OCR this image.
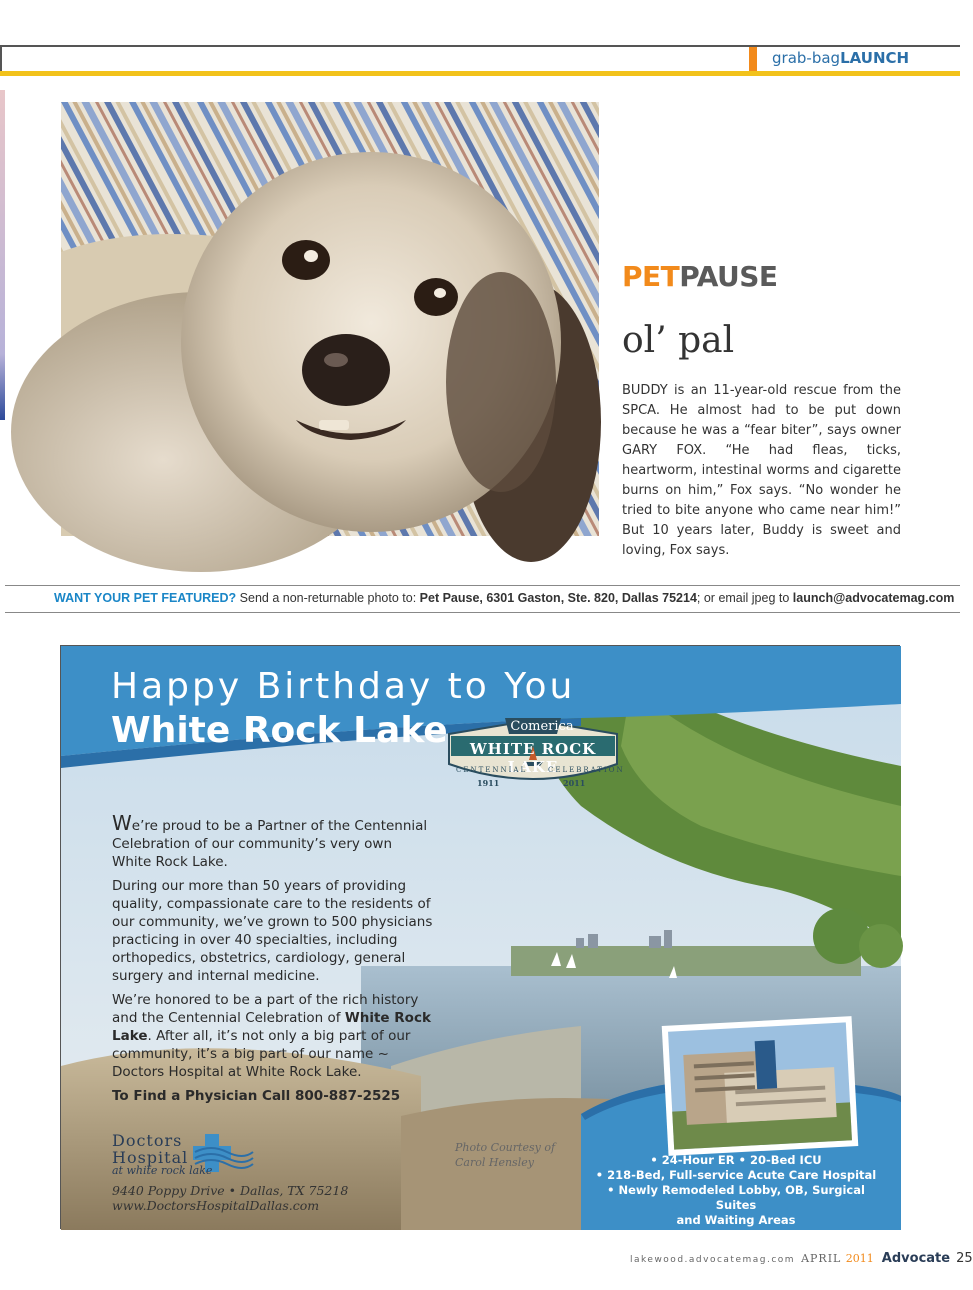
grab-bagLAUNCH
PETPAUSE
ol’ pal
BUDDY is an 11-year-old rescue from the SPCA. He almost had to be put down because he was a “fear biter”, says owner GARY FOX. “He had fleas, ticks, heartworm, intestinal worms and cigarette burns on him,” Fox says. “No wonder he tried to bite anyone who came near him!” But 10 years later, Buddy is sweet and loving, Fox says.
WANT YOUR PET FEATURED? Send a non-returnable photo to: Pet Pause, 6301 Gaston, Ste. 820, Dallas 75214; or email jpeg to launch@advocatemag.com
Happy Birthday to You
White Rock Lake	Comerica
WHITE ROCK LAKE
CENTENNIAL	CELEBRATION
1911	2011

We’re proud to be a Partner of the Centennial Celebration of our community’s very own White Rock Lake.

During our more than 50 years of providing quality, compassionate care to the residents of our community, we’ve grown to 500 physicians practicing in over 40 specialties, including orthopedics, obstetrics, cardiology, general surgery and internal medicine.

We’re honored to be a part of the rich history and the Centennial Celebration of White Rock Lake. After all, it’s not only a big part of our community, it’s a big part of our name ~ Doctors Hospital at White Rock Lake.

To Find a Physician Call 800-887-2525

Photo Courtesy of
Carol Hensley
Doctors
Hospital
at white rock lake
9440 Poppy Drive • Dallas, TX 75218
www.DoctorsHospitalDallas.com
• 24-Hour ER • 20-Bed ICU
• 218-Bed, Full-service Acute Care Hospital
• Newly Remodeled Lobby, OB, Surgical Suites
and Waiting Areas
lakewood.advocatemag.com APRIL 2011 Advocate 25
